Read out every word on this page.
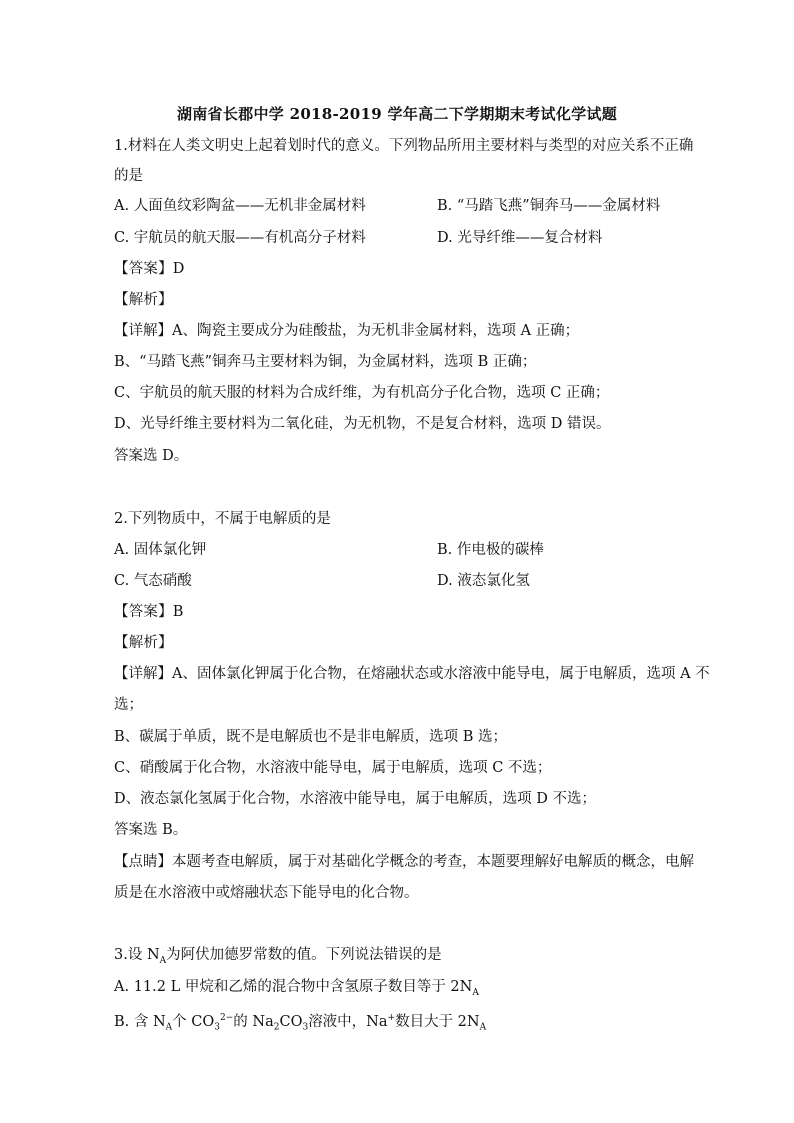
湖南省长郡中学 2018-2019 学年高二下学期期末考试化学试题
1.材料在人类文明史上起着划时代的意义。下列物品所用主要材料与类型的对应关系不正确
的是
A. 人面鱼纹彩陶盆——无机非金属材料	B. “马踏飞燕”铜奔马——金属材料
C. 宇航员的航天服——有机高分子材料	D. 光导纤维——复合材料
【答案】D
【解析】
【详解】A、陶瓷主要成分为硅酸盐，为无机非金属材料，选项 A 正确；
B、“马踏飞燕”铜奔马主要材料为铜，为金属材料，选项 B 正确；
C、宇航员的航天服的材料为合成纤维，为有机高分子化合物，选项 C 正确；
D、光导纤维主要材料为二氧化硅，为无机物，不是复合材料，选项 D 错误。
答案选 D。
2.下列物质中，不属于电解质的是
A. 固体氯化钾	B. 作电极的碳棒
C. 气态硝酸	D. 液态氯化氢
【答案】B
【解析】
【详解】A、固体氯化钾属于化合物，在熔融状态或水溶液中能导电，属于电解质，选项 A 不
选；
B、碳属于单质，既不是电解质也不是非电解质，选项 B 选；
C、硝酸属于化合物，水溶液中能导电，属于电解质，选项 C 不选；
D、液态氯化氢属于化合物，水溶液中能导电，属于电解质，选项 D 不选；
答案选 B。
【点睛】本题考查电解质，属于对基础化学概念的考查，本题要理解好电解质的概念，电解
质是在水溶液中或熔融状态下能导电的化合物。
3.设 $N_A$为阿伏加德罗常数的值。下列说法错误的是
A. 11.2 L 甲烷和乙烯的混合物中含氢原子数目等于 $2N_A$
B. 含 $N_A$个 $CO_3^{2-}$的 $Na_2CO_3$溶液中，Na+数目大于 $2N_A$
